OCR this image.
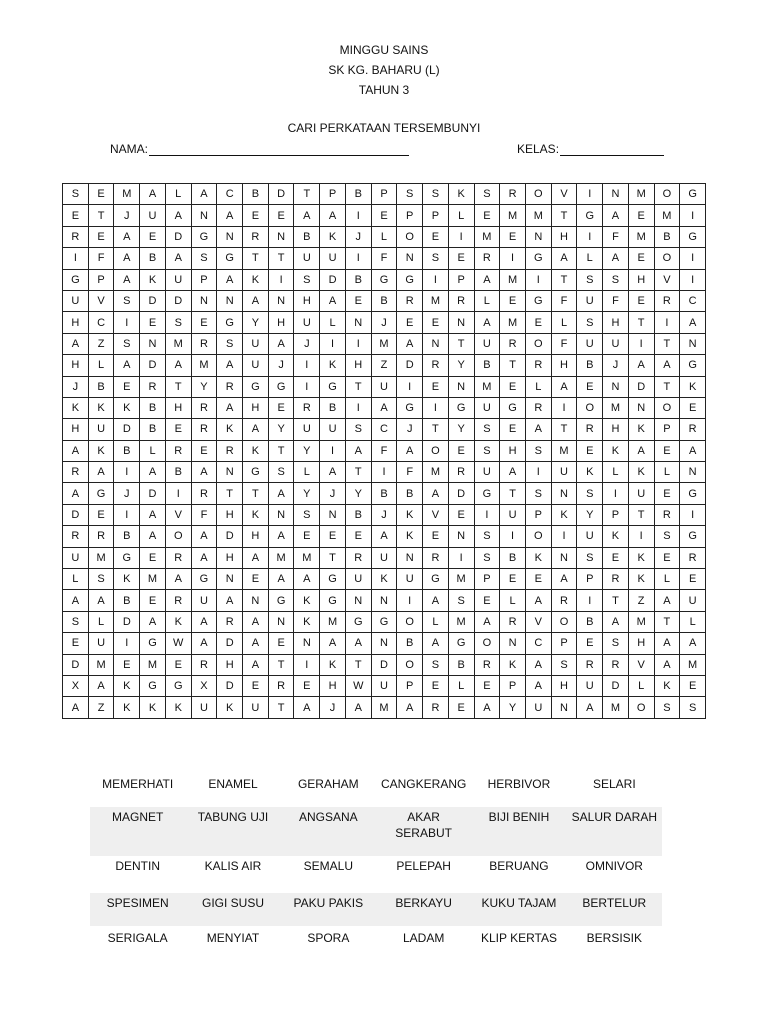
MINGGU SAINS
SK KG. BAHARU (L)
TAHUN 3
CARI PERKATAAN TERSEMBUNYI
NAMA:	KELAS:
S	E	M	A	L	A	C	B	D	T	P	B	P	S	S	K	S	R	O	V	I	N	M	O	G
E	T	J	U	A	N	A	E	E	A	A	I	E	P	P	L	E	M	M	T	G	A	E	M	I
R	E	A	E	D	G	N	R	N	B	K	J	L	O	E	I	M	E	N	H	I	F	M	B	G
I	F	A	B	A	S	G	T	T	U	U	I	F	N	S	E	R	I	G	A	L	A	E	O	I
G	P	A	K	U	P	A	K	I	S	D	B	G	G	I	P	A	M	I	T	S	S	H	V	I
U	V	S	D	D	N	N	A	N	H	A	E	B	R	M	R	L	E	G	F	U	F	E	R	C
H	C	I	E	S	E	G	Y	H	U	L	N	J	E	E	N	A	M	E	L	S	H	T	I	A
A	Z	S	N	M	R	S	U	A	J	I	I	M	A	N	T	U	R	O	F	U	U	I	T	N
H	L	A	D	A	M	A	U	J	I	K	H	Z	D	R	Y	B	T	R	H	B	J	A	A	G
J	B	E	R	T	Y	R	G	G	I	G	T	U	I	E	N	M	E	L	A	E	N	D	T	K
K	K	K	B	H	R	A	H	E	R	B	I	A	G	I	G	U	G	R	I	O	M	N	O	E
H	U	D	B	E	R	K	A	Y	U	U	S	C	J	T	Y	S	E	A	T	R	H	K	P	R
A	K	B	L	R	E	R	K	T	Y	I	A	F	A	O	E	S	H	S	M	E	K	A	E	A
R	A	I	A	B	A	N	G	S	L	A	T	I	F	M	R	U	A	I	U	K	L	K	L	N
A	G	J	D	I	R	T	T	A	Y	J	Y	B	B	A	D	G	T	S	N	S	I	U	E	G
D	E	I	A	V	F	H	K	N	S	N	B	J	K	V	E	I	U	P	K	Y	P	T	R	I
R	R	B	A	O	A	D	H	A	E	E	E	A	K	E	N	S	I	O	I	U	K	I	S	G
U	M	G	E	R	A	H	A	M	M	T	R	U	N	R	I	S	B	K	N	S	E	K	E	R
L	S	K	M	A	G	N	E	A	A	G	U	K	U	G	M	P	E	E	A	P	R	K	L	E
A	A	B	E	R	U	A	N	G	K	G	N	N	I	A	S	E	L	A	R	I	T	Z	A	U
S	L	D	A	K	A	R	A	N	K	M	G	G	O	L	M	A	R	V	O	B	A	M	T	L
E	U	I	G	W	A	D	A	E	N	A	A	N	B	A	G	O	N	C	P	E	S	H	A	A
D	M	E	M	E	R	H	A	T	I	K	T	D	O	S	B	R	K	A	S	R	R	V	A	M
X	A	K	G	G	X	D	E	R	E	H	W	U	P	E	L	E	P	A	H	U	D	L	K	E
A	Z	K	K	K	U	K	U	T	A	J	A	M	A	R	E	A	Y	U	N	A	M	O	S	S
MEMERHATI	ENAMEL	GERAHAM	CANGKERANG	HERBIVOR	SELARI
MAGNET	TABUNG UJI	ANGSANA	AKAR SERABUT	BIJI BENIH	SALUR DARAH
DENTIN	KALIS AIR	SEMALU	PELEPAH	BERUANG	OMNIVOR
SPESIMEN	GIGI SUSU	PAKU PAKIS	BERKAYU	KUKU TAJAM	BERTELUR
SERIGALA	MENYIAT	SPORA	LADAM	KLIP KERTAS	BERSISIK
